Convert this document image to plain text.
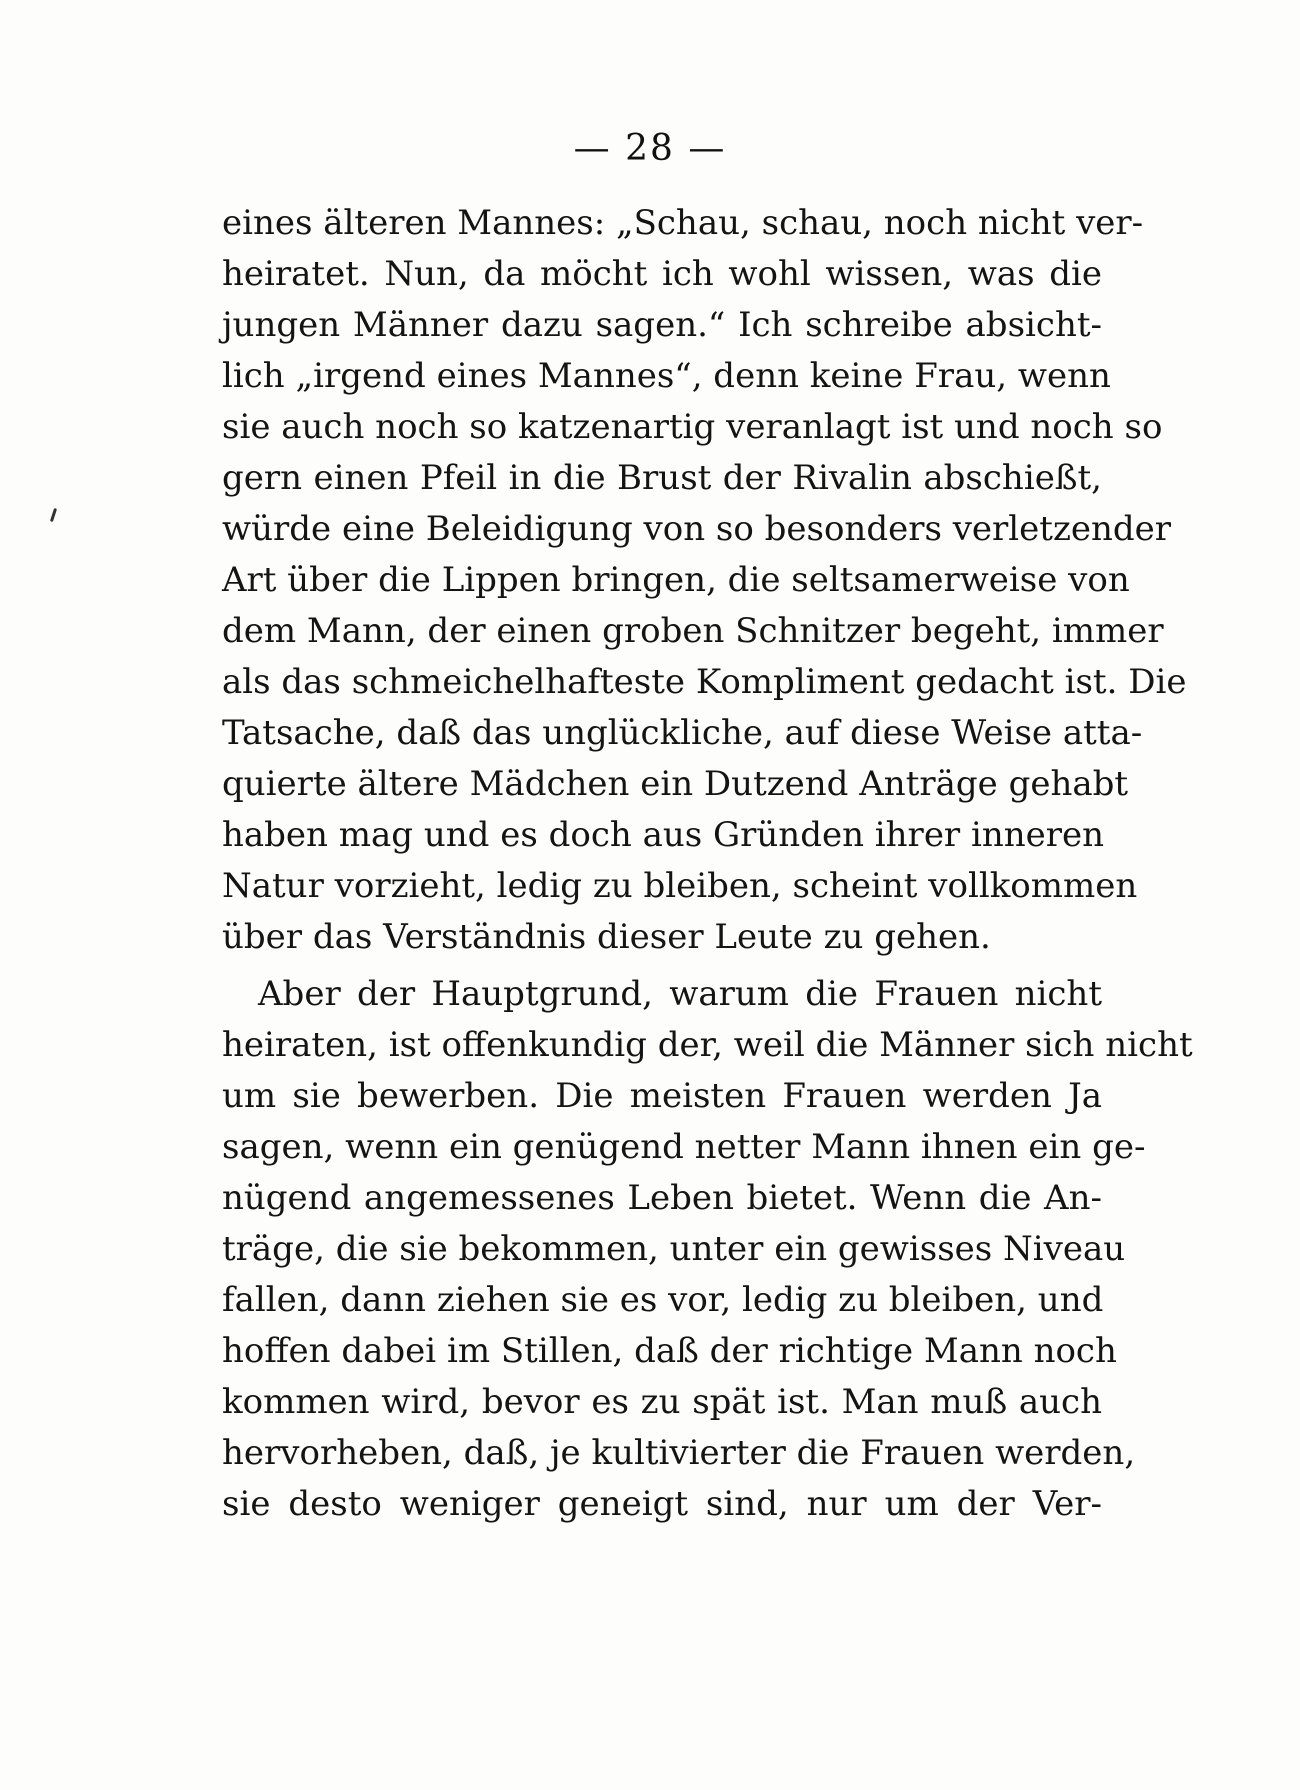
— 28 —
eines älteren Mannes: „Schau, schau, noch nicht ver-
heiratet. Nun, da möcht ich wohl wissen, was die
jungen Männer dazu sagen.“ Ich schreibe absicht-
lich „irgend eines Mannes“, denn keine Frau, wenn
sie auch noch so katzenartig veranlagt ist und noch so
gern einen Pfeil in die Brust der Rivalin abschießt,
würde eine Beleidigung von so besonders verletzender
Art über die Lippen bringen, die seltsamerweise von
dem Mann, der einen groben Schnitzer begeht, immer
als das schmeichelhafteste Kompliment gedacht ist. Die
Tatsache, daß das unglückliche, auf diese Weise atta-
quierte ältere Mädchen ein Dutzend Anträge gehabt
haben mag und es doch aus Gründen ihrer inneren
Natur vorzieht, ledig zu bleiben, scheint vollkommen
über das Verständnis dieser Leute zu gehen.
Aber der Hauptgrund, warum die Frauen nicht
heiraten, ist offenkundig der, weil die Männer sich nicht
um sie bewerben. Die meisten Frauen werden Ja
sagen, wenn ein genügend netter Mann ihnen ein ge-
nügend angemessenes Leben bietet. Wenn die An-
träge, die sie bekommen, unter ein gewisses Niveau
fallen, dann ziehen sie es vor, ledig zu bleiben, und
hoffen dabei im Stillen, daß der richtige Mann noch
kommen wird, bevor es zu spät ist. Man muß auch
hervorheben, daß, je kultivierter die Frauen werden,
sie desto weniger geneigt sind, nur um der Ver-
